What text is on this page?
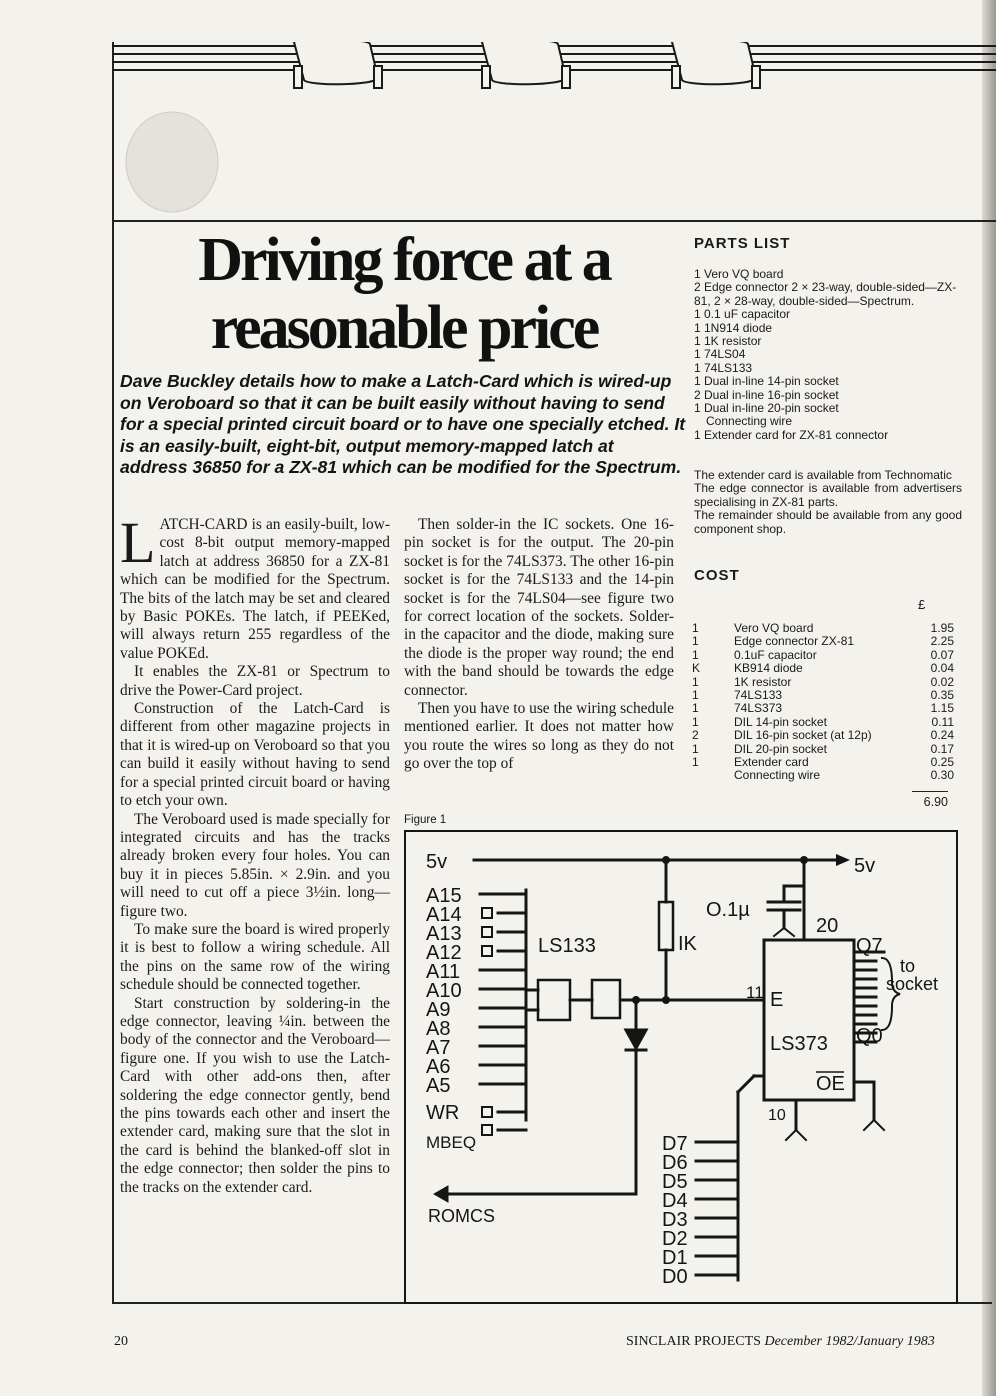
Driving force at a
reasonable price
Dave Buckley details how to make a Latch-Card which is wired-up on Veroboard so that it can be built easily without having to send for a special printed circuit board or to have one specially etched. It is an easily-built, eight-bit, output memory-mapped latch at address 36850 for a ZX-81 which can be modified for the Spectrum.

LATCH-CARD is an easily-built, low-cost 8-bit output memory-mapped latch at address 36850 for a ZX-81 which can be modified for the Spectrum. The bits of the latch may be set and cleared by Basic POKEs. The latch, if PEEKed, will always return 255 regardless of the value POKEd.

It enables the ZX-81 or Spectrum to drive the Power-Card project.

Construction of the Latch-Card is different from other magazine projects in that it is wired-up on Veroboard so that you can build it easily without having to send for a special printed circuit board or having to etch your own.

The Veroboard used is made specially for integrated circuits and has the tracks already broken every four holes. You can buy it in pieces 5.85in. × 2.9in. and you will need to cut off a piece 3½in. long—figure two.

To make sure the board is wired properly it is best to follow a wiring schedule. All the pins on the same row of the wiring schedule should be connected together.

Start construction by soldering-in the edge connector, leaving ¼in. between the body of the connector and the Veroboard—figure one. If you wish to use the Latch-Card with other add-ons then, after soldering the edge connector gently, bend the pins towards each other and insert the extender card, making sure that the slot in the card is behind the blanked-off slot in the edge connector; then solder the pins to the tracks on the extender card.

Then solder-in the IC sockets. One 16-pin socket is for the output. The 20-pin socket is for the 74LS373. The other 16-pin socket is for the 74LS133 and the 14-pin socket is for the 74LS04—see figure two for correct location of the sockets. Solder-in the capacitor and the diode, making sure the diode is the proper way round; the end with the band should be towards the edge connector.

Then you have to use the wiring schedule mentioned earlier. It does not matter how you route the wires so long as they do not go over the top of

PARTS LIST
1 Vero VQ board
2 Edge connector 2 × 23-way, double-sided—ZX-81, 2 × 28-way, double-sided—Spectrum.
1 0.1 uF capacitor
1 1N914 diode
1 1K resistor
1 74LS04
1 74LS133
1 Dual in-line 14-pin socket
2 Dual in-line 16-pin socket
1 Dual in-line 20-pin socket
Connecting wire
1 Extender card for ZX-81 connector

The extender card is available from Technomatic

The edge connector is available from advertisers specialising in ZX-81 parts.

The remainder should be available from any good component shop.

COST
£
1	Vero VQ board	1.95
1	Edge connector ZX-81	2.25
1	0.1uF capacitor	0.07
K	KB914 diode	0.04
1	1K resistor	0.02
1	74LS133	0.35
1	74LS373	1.15
1	DIL 14-pin socket	0.11
2	DIL 16-pin socket (at 12p)	0.24
1	DIL 20-pin socket	0.17
1	Extender card	0.25
	Connecting wire	0.30
6.90
Figure 1
5v	5v
A15
A14
A13
A12
A11
A10
A9
A8
A7
A6
A5
WR
MBEQ
LS133
O.1µ
IK
20
11 E
LS373
Q7
Q0
OE
10
to
socket
ROMCS
D7
D6
D5
D4
D3
D2
D1
D0
20	SINCLAIR PROJECTS December 1982/January 1983
